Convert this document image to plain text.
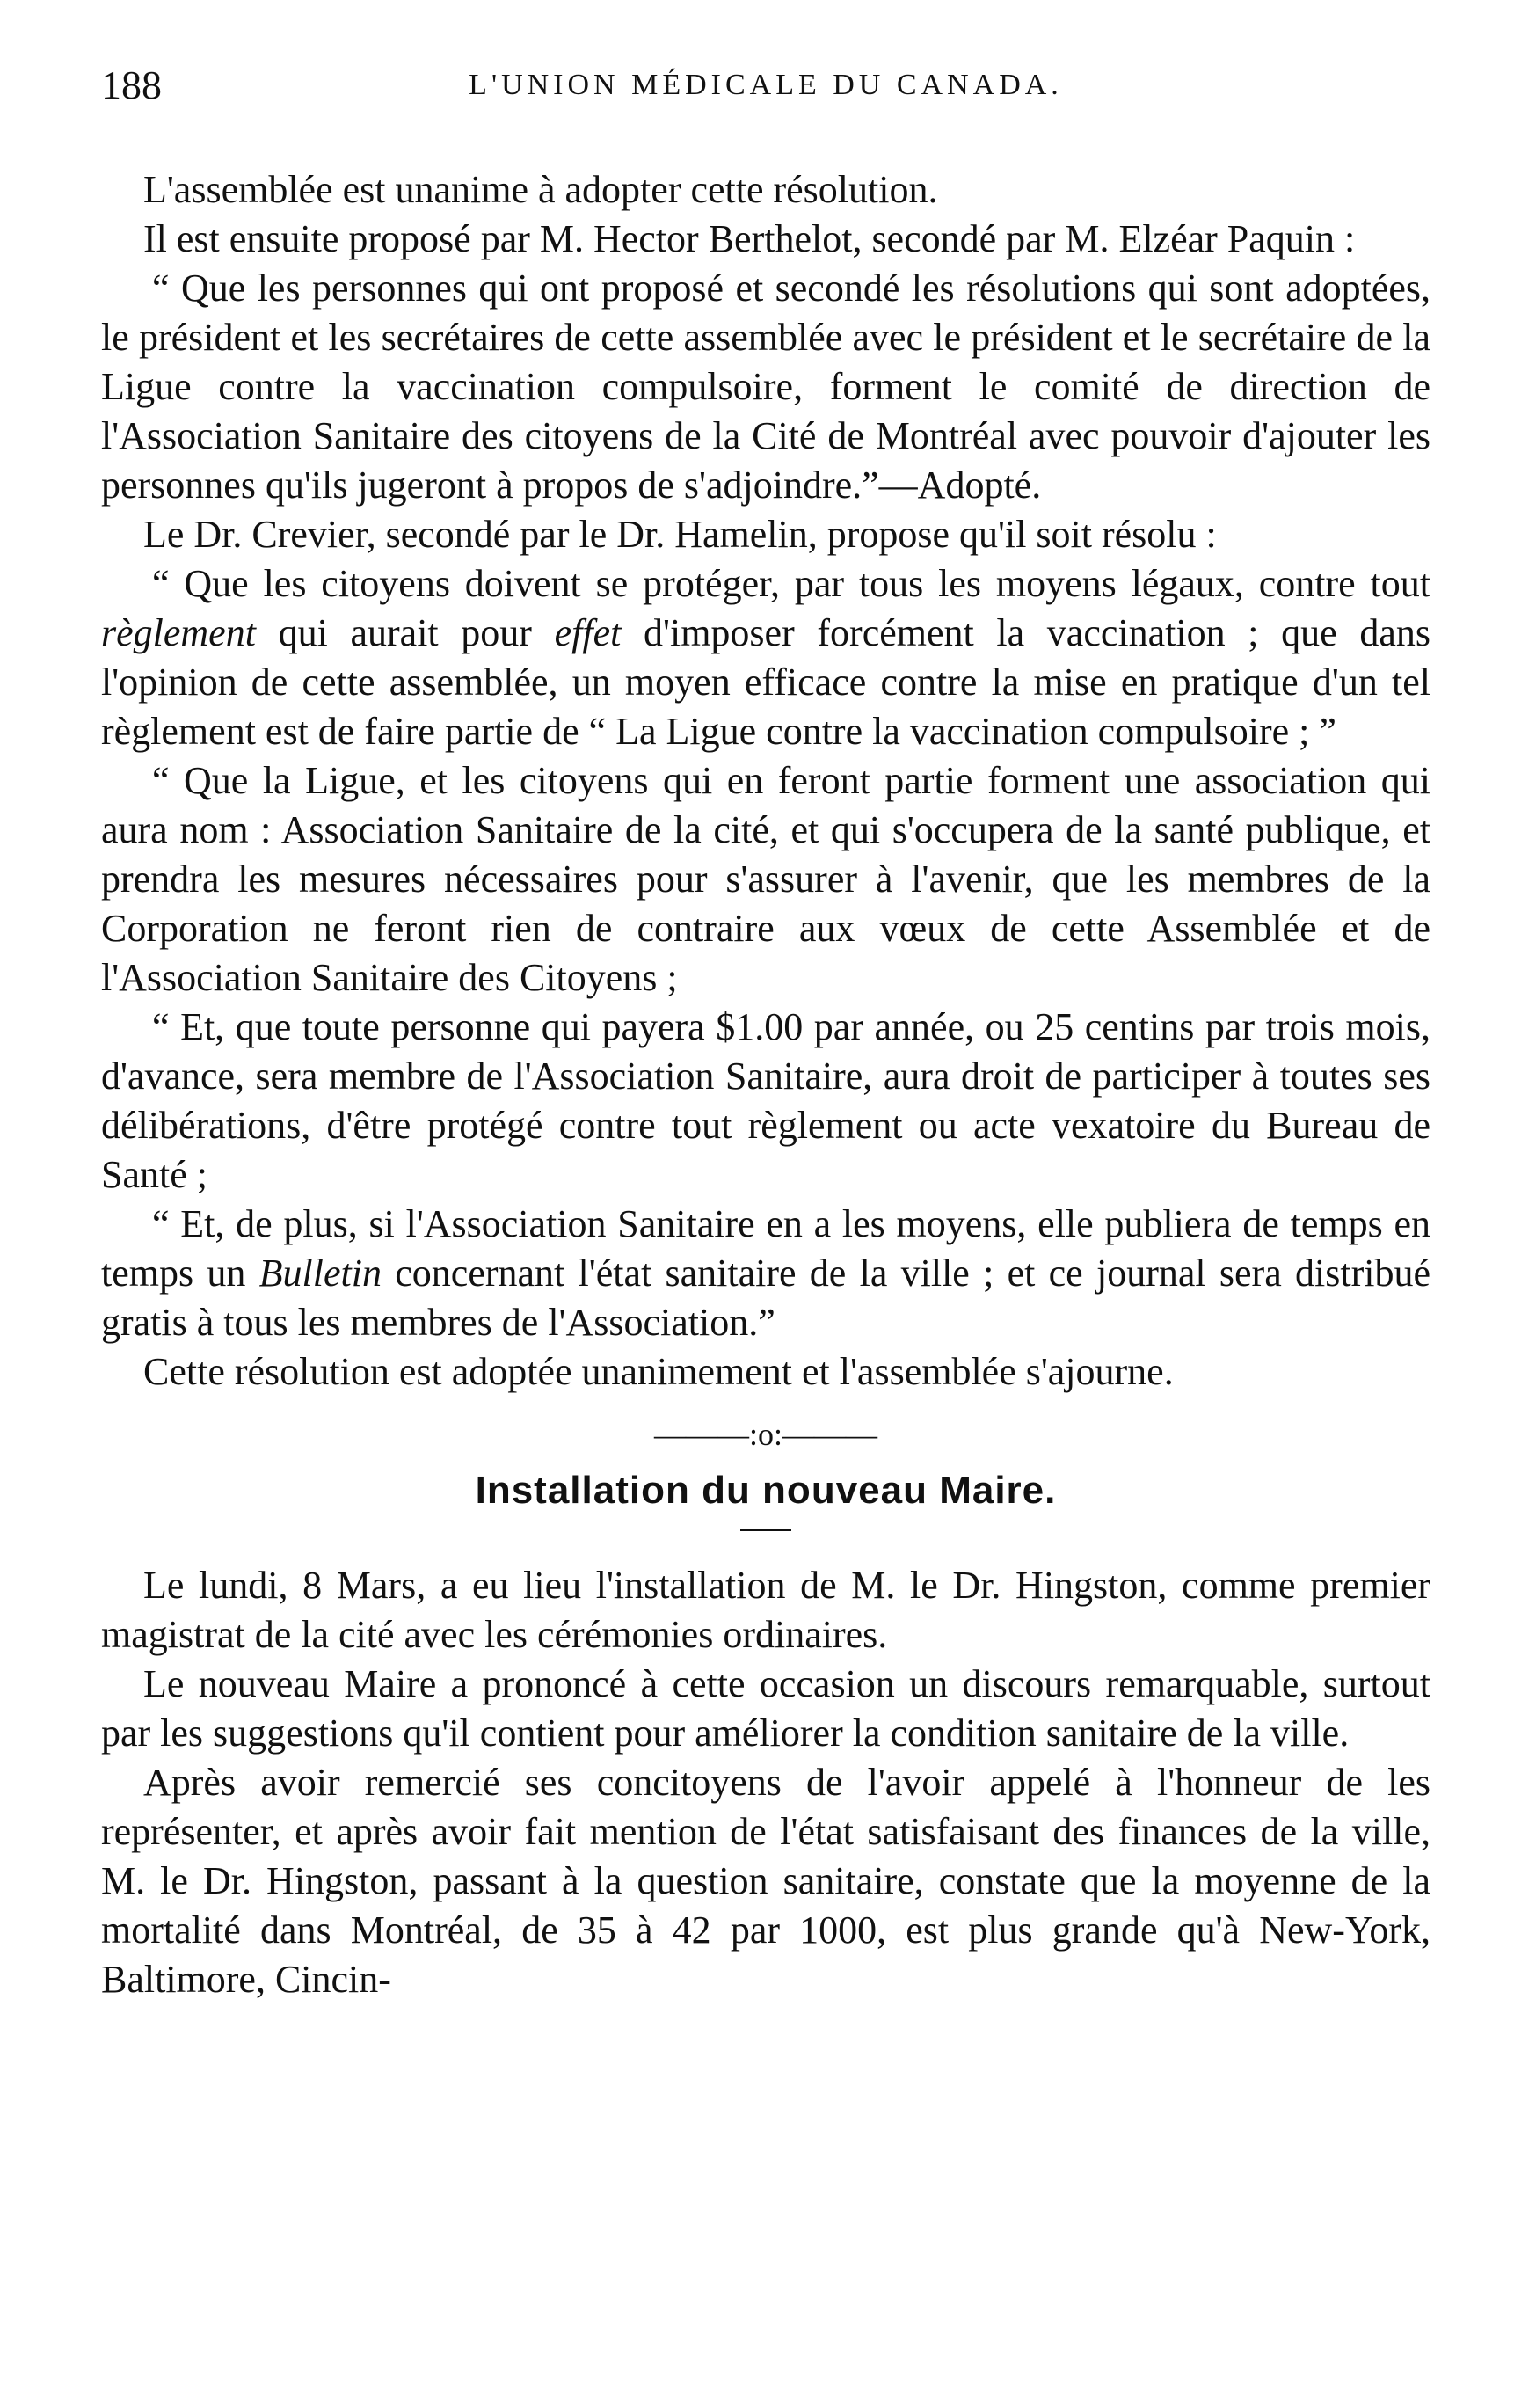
188	L'UNION MÉDICALE DU CANADA.

L'assemblée est unanime à adopter cette résolution.

Il est ensuite proposé par M. Hector Berthelot, secondé par M. Elzéar Paquin :

“ Que les personnes qui ont proposé et secondé les résolutions qui sont adoptées, le président et les secrétaires de cette assemblée avec le président et le secrétaire de la Ligue contre la vaccination compulsoire, forment le comité de direction de l'Association Sanitaire des citoyens de la Cité de Montréal avec pouvoir d'ajouter les personnes qu'ils jugeront à propos de s'adjoindre.”—Adopté.

Le Dr. Crevier, secondé par le Dr. Hamelin, propose qu'il soit résolu :

“ Que les citoyens doivent se protéger, par tous les moyens légaux, contre tout règlement qui aurait pour effet d'imposer forcément la vaccination ; que dans l'opinion de cette assemblée, un moyen efficace contre la mise en pratique d'un tel règlement est de faire partie de “ La Ligue contre la vaccination compulsoire ; ”

“ Que la Ligue, et les citoyens qui en feront partie forment une association qui aura nom : Association Sanitaire de la cité, et qui s'occupera de la santé publique, et prendra les mesures nécessaires pour s'assurer à l'avenir, que les membres de la Corporation ne feront rien de contraire aux vœux de cette Assemblée et de l'Association Sanitaire des Citoyens ;

“ Et, que toute personne qui payera $1.00 par année, ou 25 centins par trois mois, d'avance, sera membre de l'Association Sanitaire, aura droit de participer à toutes ses délibérations, d'être protégé contre tout règlement ou acte vexatoire du Bureau de Santé ;

“ Et, de plus, si l'Association Sanitaire en a les moyens, elle publiera de temps en temps un Bulletin concernant l'état sanitaire de la ville ; et ce journal sera distribué gratis à tous les membres de l'Association.”

Cette résolution est adoptée unanimement et l'assemblée s'ajourne.

———:o:———
Installation du nouveau Maire.

Le lundi, 8 Mars, a eu lieu l'installation de M. le Dr. Hingston, comme premier magistrat de la cité avec les cérémonies ordinaires.

Le nouveau Maire a prononcé à cette occasion un discours remarquable, surtout par les suggestions qu'il contient pour améliorer la condition sanitaire de la ville.

Après avoir remercié ses concitoyens de l'avoir appelé à l'honneur de les représenter, et après avoir fait mention de l'état satisfaisant des finances de la ville, M. le Dr. Hingston, passant à la question sanitaire, constate que la moyenne de la mortalité dans Montréal, de 35 à 42 par 1000, est plus grande qu'à New-York, Baltimore, Cincin-
